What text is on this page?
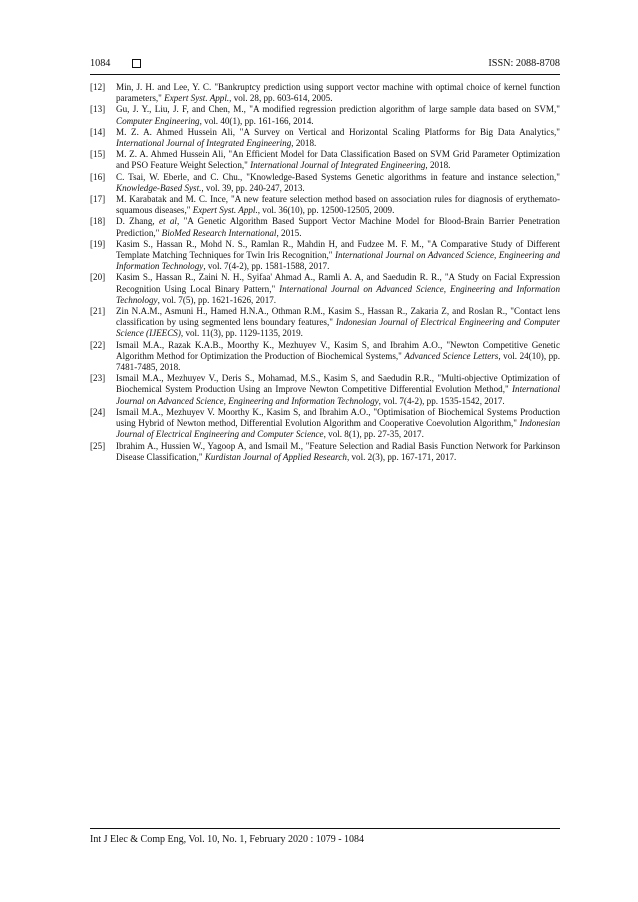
1084	ISSN: 2088-8708
[12] Min, J. H. and Lee, Y. C. "Bankruptcy prediction using support vector machine with optimal choice of kernel function parameters," Expert Syst. Appl., vol. 28, pp. 603-614, 2005.
[13] Gu, J. Y., Liu, J. F, and Chen, M., "A modified regression prediction algorithm of large sample data based on SVM," Computer Engineering, vol. 40(1), pp. 161-166, 2014.
[14] M. Z. A. Ahmed Hussein Ali, "A Survey on Vertical and Horizontal Scaling Platforms for Big Data Analytics," International Journal of Integrated Engineering, 2018.
[15] M. Z. A. Ahmed Hussein Ali, "An Efficient Model for Data Classification Based on SVM Grid Parameter Optimization and PSO Feature Weight Selection," International Journal of Integrated Engineering, 2018.
[16] C. Tsai, W. Eberle, and C. Chu., "Knowledge-Based Systems Genetic algorithms in feature and instance selection," Knowledge-Based Syst., vol. 39, pp. 240-247, 2013.
[17] M. Karabatak and M. C. Ince, "A new feature selection method based on association rules for diagnosis of erythemato-squamous diseases," Expert Syst. Appl., vol. 36(10), pp. 12500-12505, 2009.
[18] D. Zhang, et al, "A Genetic Algorithm Based Support Vector Machine Model for Blood-Brain Barrier Penetration Prediction," BioMed Research International, 2015.
[19] Kasim S., Hassan R., Mohd N. S., Ramlan R., Mahdin H, and Fudzee M. F. M., "A Comparative Study of Different Template Matching Techniques for Twin Iris Recognition," International Journal on Advanced Science, Engineering and Information Technology, vol. 7(4-2), pp. 1581-1588, 2017.
[20] Kasim S., Hassan R., Zaini N. H., Syifaa' Ahmad A., Ramli A. A, and Saedudin R. R., "A Study on Facial Expression Recognition Using Local Binary Pattern," International Journal on Advanced Science, Engineering and Information Technology, vol. 7(5), pp. 1621-1626, 2017.
[21] Zin N.A.M., Asmuni H., Hamed H.N.A., Othman R.M., Kasim S., Hassan R., Zakaria Z, and Roslan R., "Contact lens classification by using segmented lens boundary features," Indonesian Journal of Electrical Engineering and Computer Science (IJEECS), vol. 11(3), pp. 1129-1135, 2019.
[22] Ismail M.A., Razak K.A.B., Moorthy K., Mezhuyev V., Kasim S, and Ibrahim A.O., "Newton Competitive Genetic Algorithm Method for Optimization the Production of Biochemical Systems," Advanced Science Letters, vol. 24(10), pp. 7481-7485, 2018.
[23] Ismail M.A., Mezhuyev V., Deris S., Mohamad, M.S., Kasim S, and Saedudin R.R., "Multi-objective Optimization of Biochemical System Production Using an Improve Newton Competitive Differential Evolution Method," International Journal on Advanced Science, Engineering and Information Technology, vol. 7(4-2), pp. 1535-1542, 2017.
[24] Ismail M.A., Mezhuyev V. Moorthy K., Kasim S, and Ibrahim A.O., "Optimisation of Biochemical Systems Production using Hybrid of Newton method, Differential Evolution Algorithm and Cooperative Coevolution Algorithm," Indonesian Journal of Electrical Engineering and Computer Science, vol. 8(1), pp. 27-35, 2017.
[25] Ibrahim A., Hussien W., Yagoop A, and Ismail M., "Feature Selection and Radial Basis Function Network for Parkinson Disease Classification," Kurdistan Journal of Applied Research, vol. 2(3), pp. 167-171, 2017.
Int J Elec & Comp Eng, Vol. 10, No. 1, February 2020 : 1079 - 1084
